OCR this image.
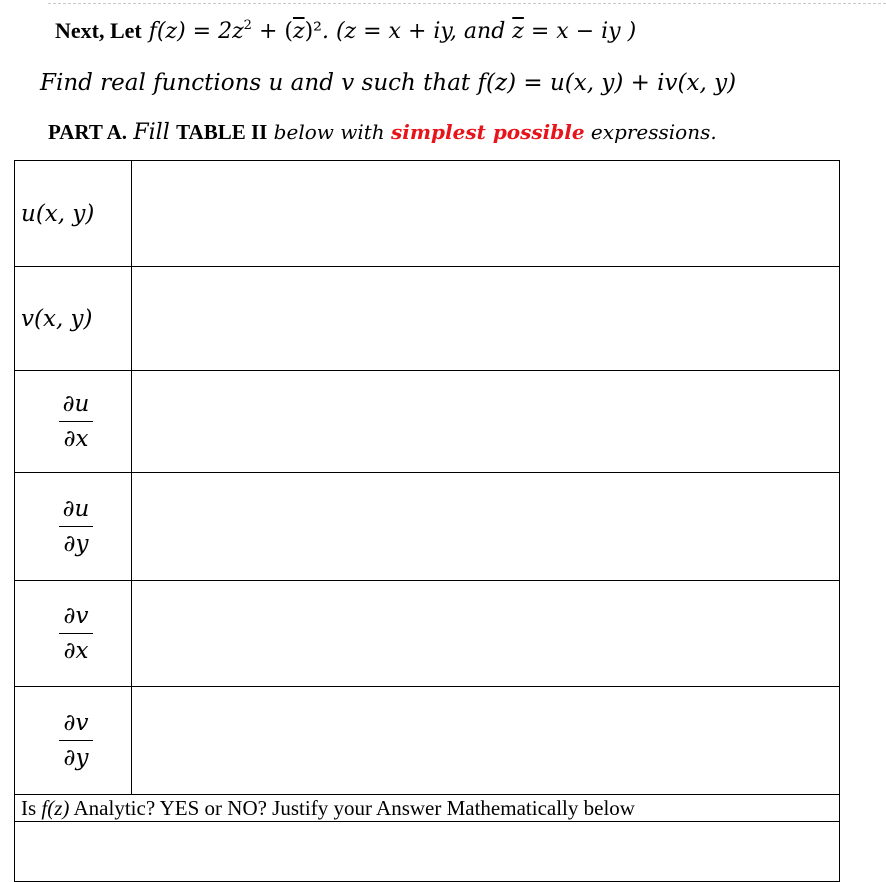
Next, Let $f(z) = 2z^2 + (\overline{z})^2$. (z = x + iy, and $\overline{z} = x$ − iy )
Find real functions u and v such that f(z) = u(x, y) + iv(x, y)
PART A. Fill TABLE II below with simplest possible expressions.
u(x, y)	
v(x, y)	

$\frac{\partial u}{\partial x}$

$\frac{\partial u}{\partial y}$

$\frac{\partial v}{\partial x}$

$\frac{\partial v}{\partial y}$

Is f(z) Analytic? YES or NO? Justify your Answer Mathematically below	
